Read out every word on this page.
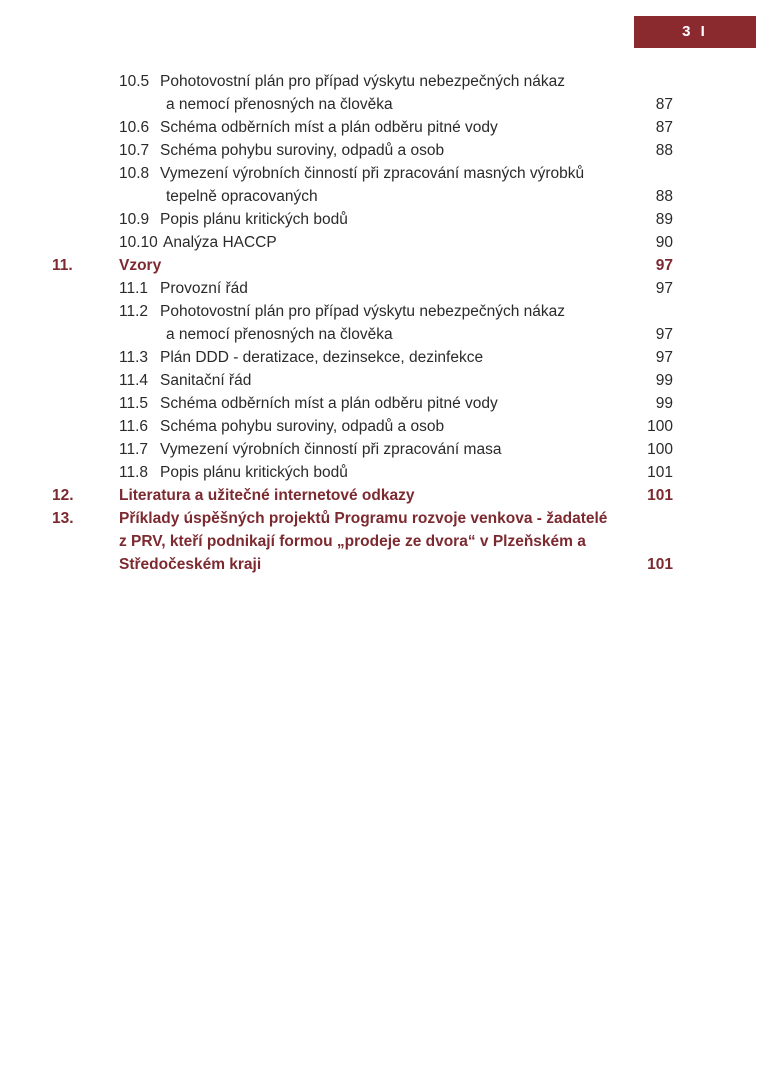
3 I
10.5 Pohotovostní plán pro případ výskytu nebezpečných nákaz
a nemocí přenosných na člověka	87
10.6 Schéma odběrních míst a plán odběru pitné vody	87
10.7 Schéma pohybu suroviny, odpadů a osob	88
10.8 Vymezení výrobních činností při zpracování masných výrobků
tepelně opracovaných	88
10.9 Popis plánu kritických bodů	89
10.10 Analýza HACCP	90
11.	Vzory	97
11.1 Provozní řád	97
11.2 Pohotovostní plán pro případ výskytu nebezpečných nákaz
a nemocí přenosných na člověka	97
11.3 Plán DDD - deratizace, dezinsekce, dezinfekce	97
11.4 Sanitační řád	99
11.5 Schéma odběrních míst a plán odběru pitné vody	99
11.6 Schéma pohybu suroviny, odpadů a osob	100
11.7 Vymezení výrobních činností při zpracování masa	100
11.8 Popis plánu kritických bodů	101
12.	Literatura a užitečné internetové odkazy	101
13.	Příklady úspěšných projektů Programu rozvoje venkova - žadatelé
z PRV, kteří podnikají formou „prodeje ze dvora“ v Plzeňském a
Středočeském kraji	101
